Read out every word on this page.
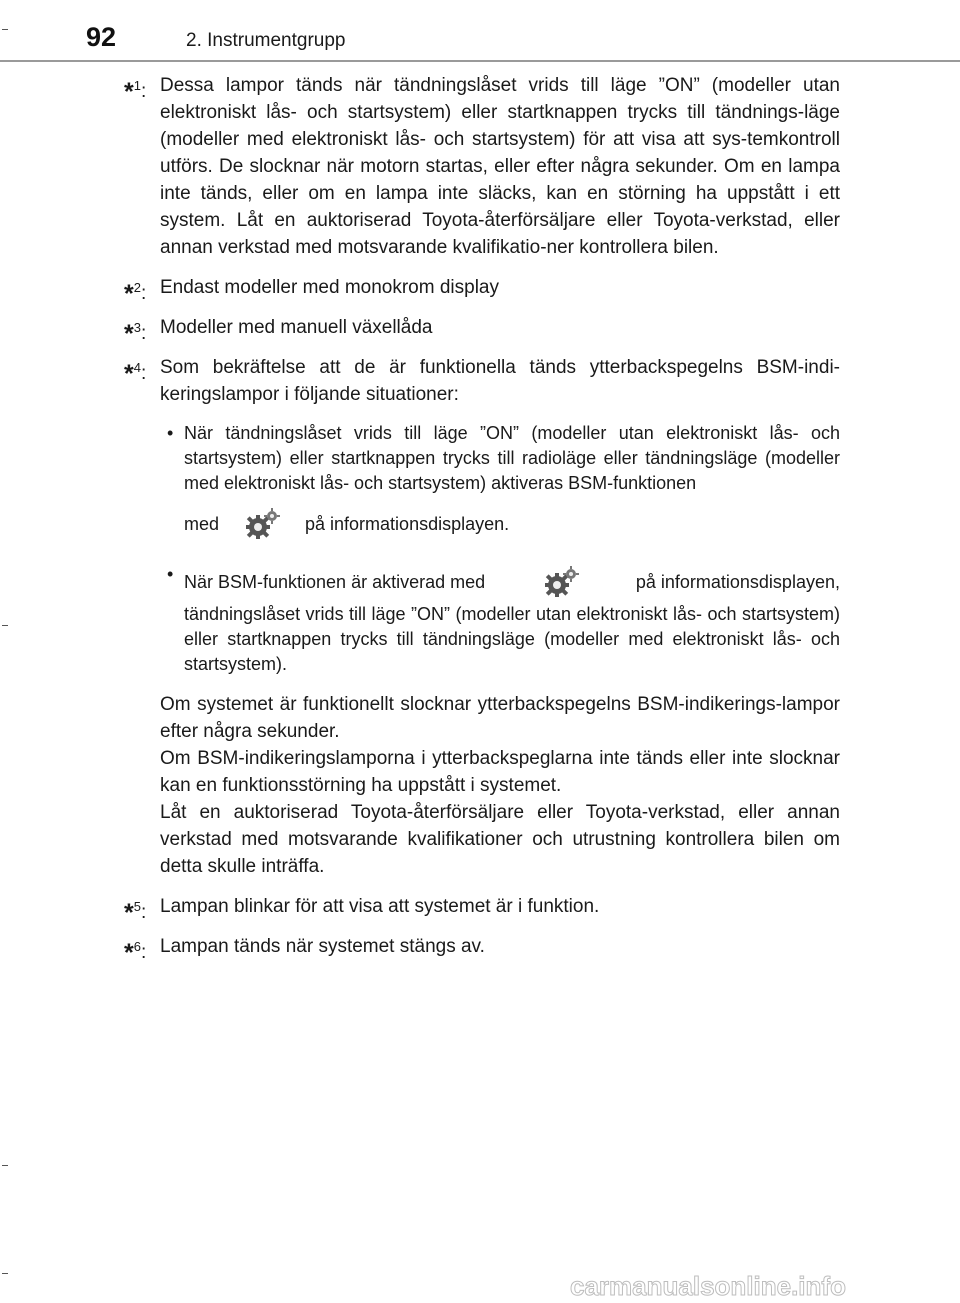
92	2. Instrumentgrupp
*$^1$: Dessa lampor tänds när tändningslåset vrids till läge ”ON” (modeller utan elektroniskt lås- och startsystem) eller startknappen trycks till tändnings-läge (modeller med elektroniskt lås- och startsystem) för att visa att sys-temkontroll utförs. De slocknar när motorn startas, eller efter några sekunder. Om en lampa inte tänds, eller om en lampa inte släcks, kan en störning ha uppstått i ett system. Låt en auktoriserad Toyota-återförsäljare eller Toyota-verkstad, eller annan verkstad med motsvarande kvalifikatio-ner kontrollera bilen.

*$^2$: Endast modeller med monokrom display

*$^3$: Modeller med manuell växellåda

*$^4$: Som bekräftelse att de är funktionella tänds ytterbackspegelns BSM-indi-keringslampor i följande situationer:

• När tändningslåset vrids till läge ”ON” (modeller utan elektroniskt lås- och startsystem) eller startknappen trycks till radioläge eller tändningsläge (modeller med elektroniskt lås- och startsystem) aktiveras BSM-funktionen

med	på informationsdisplayen.
• När BSM-funktionen är aktiverad med	på informationsdisplayen,

tändningslåset vrids till läge ”ON” (modeller utan elektroniskt lås- och startsystem) eller startknappen trycks till tändningsläge (modeller med elektroniskt lås- och startsystem).

Om systemet är funktionellt slocknar ytterbackspegelns BSM-indikerings-lampor efter några sekunder.

Om BSM-indikeringslamporna i ytterbackspeglarna inte tänds eller inte slocknar kan en funktionsstörning ha uppstått i systemet.

Låt en auktoriserad Toyota-återförsäljare eller Toyota-verkstad, eller annan verkstad med motsvarande kvalifikationer och utrustning kontrollera bilen om detta skulle inträffa.

*$^5$: Lampan blinkar för att visa att systemet är i funktion.

*$^6$: Lampan tänds när systemet stängs av.

carmanualsonline.info
